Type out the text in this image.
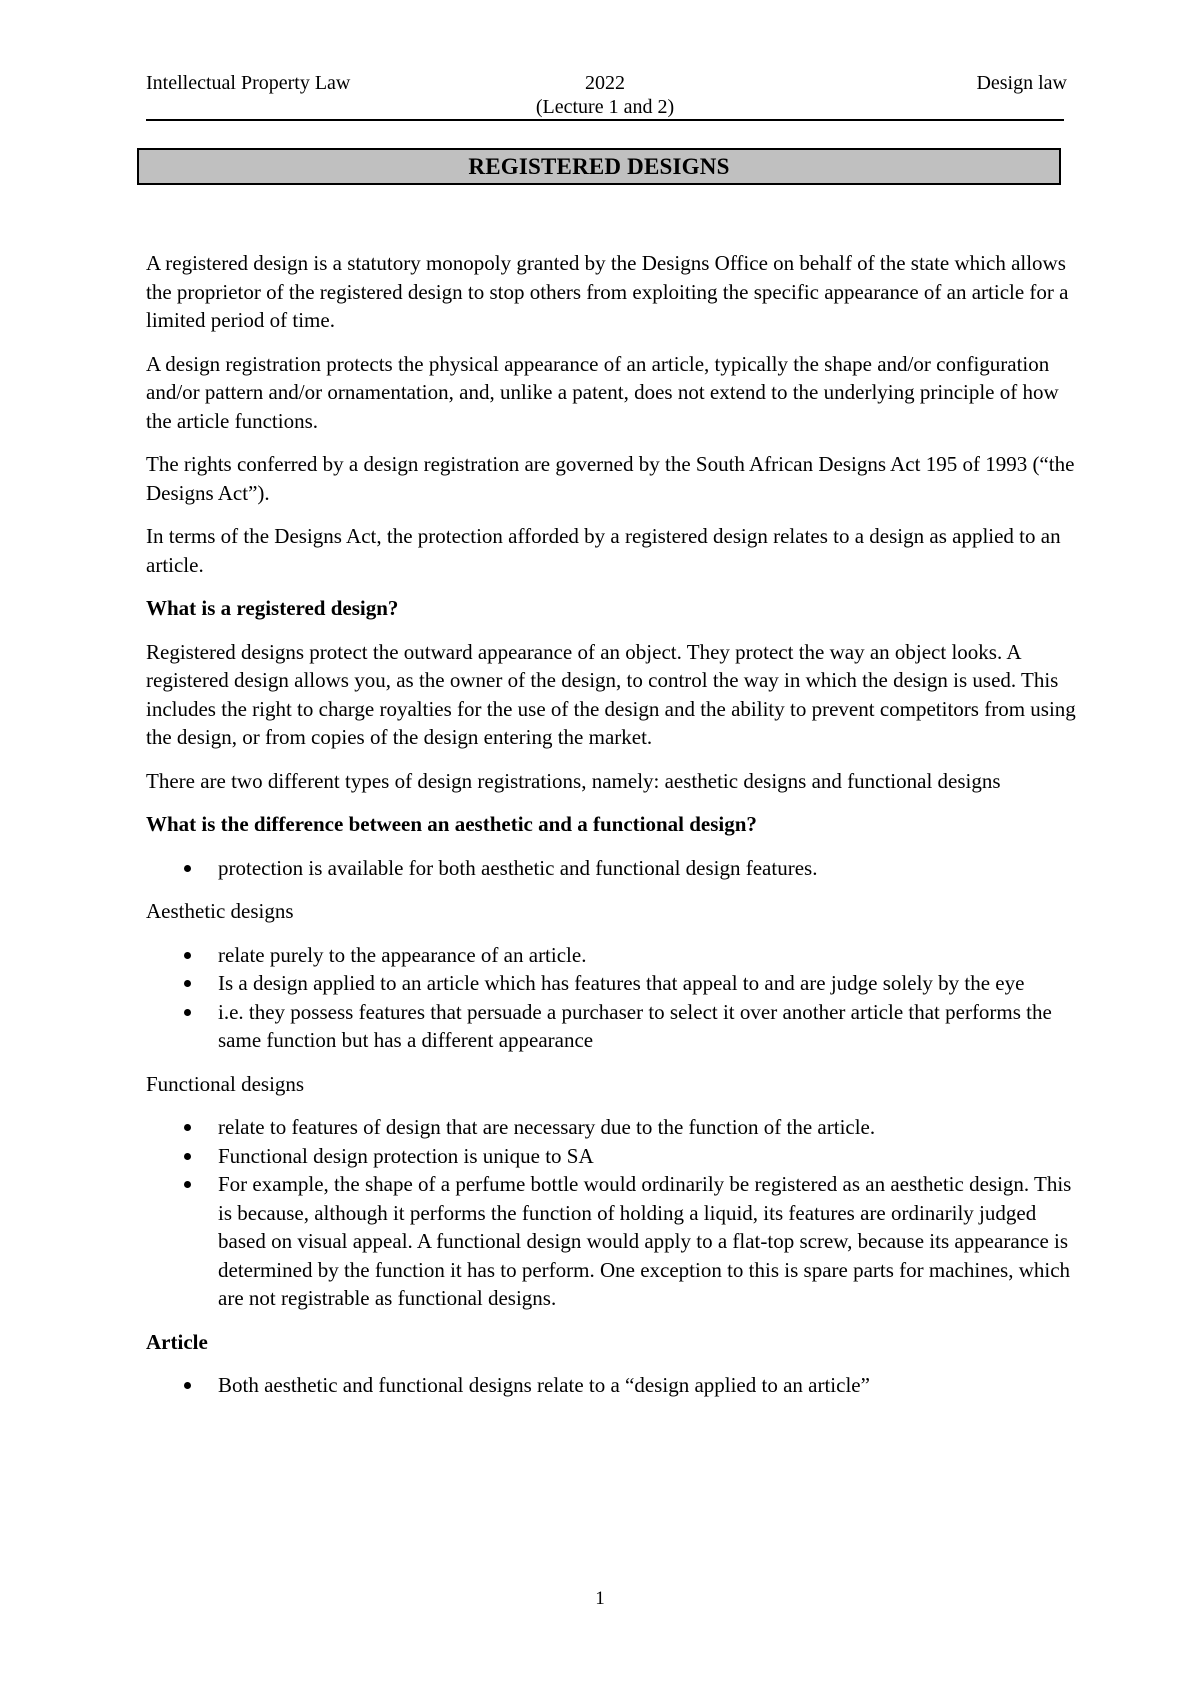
Intellectual Property Law	2022
(Lecture 1 and 2)
Design law
REGISTERED DESIGNS

A registered design is a statutory monopoly granted by the Designs Office on behalf of the state which allows the proprietor of the registered design to stop others from exploiting the specific appearance of an article for a limited period of time.

A design registration protects the physical appearance of an article, typically the shape and/or configuration and/or pattern and/or ornamentation, and, unlike a patent, does not extend to the underlying principle of how the article functions.

The rights conferred by a design registration are governed by the South African Designs Act 195 of 1993 (“the Designs Act”).

In terms of the Designs Act, the protection afforded by a registered design relates to a design as applied to an article.

What is a registered design?

Registered designs protect the outward appearance of an object. They protect the way an object looks. A registered design allows you, as the owner of the design, to control the way in which the design is used. This includes the right to charge royalties for the use of the design and the ability to prevent competitors from using the design, or from copies of the design entering the market.

There are two different types of design registrations, namely: aesthetic designs and functional designs

What is the difference between an aesthetic and a functional design?

protection is available for both aesthetic and functional design features.

Aesthetic designs

relate purely to the appearance of an article.
Is a design applied to an article which has features that appeal to and are judge solely by the eye
i.e. they possess features that persuade a purchaser to select it over another article that performs the same function but has a different appearance

Functional designs

relate to features of design that are necessary due to the function of the article.
Functional design protection is unique to SA
For example, the shape of a perfume bottle would ordinarily be registered as an aesthetic design. This is because, although it performs the function of holding a liquid, its features are ordinarily judged based on visual appeal. A functional design would apply to a flat-top screw, because its appearance is determined by the function it has to perform. One exception to this is spare parts for machines, which are not registrable as functional designs.

Article

Both aesthetic and functional designs relate to a “design applied to an article”
1
